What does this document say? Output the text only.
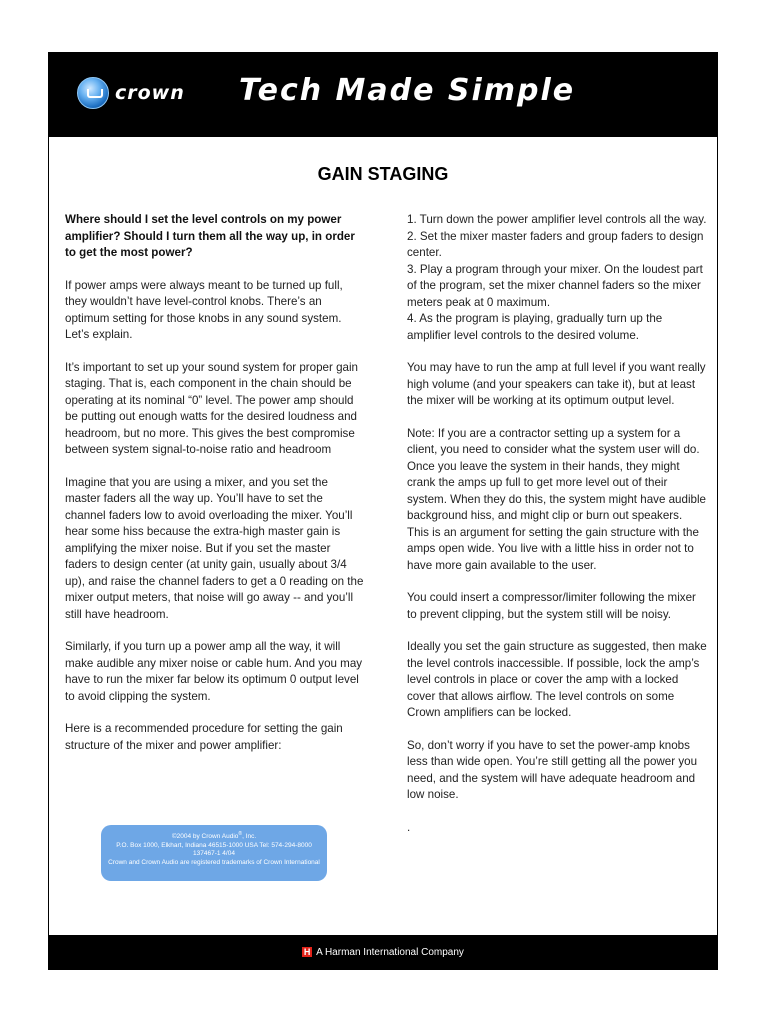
crown Tech Made Simple
GAIN STAGING

Where should I set the level controls on my power amplifier? Should I turn them all the way up, in order to get the most power?

If power amps were always meant to be turned up full, they wouldn’t have level-control knobs. There’s an optimum setting for those knobs in any sound system. Let’s explain.

It’s important to set up your sound system for proper gain staging. That is, each component in the chain should be operating at its nominal “0” level. The power amp should be putting out enough watts for the desired loudness and headroom, but no more. This gives the best compromise between system signal-to-noise ratio and headroom

Imagine that you are using a mixer, and you set the master faders all the way up. You’ll have to set the channel faders low to avoid overloading the mixer. You’ll hear some hiss because the extra-high master gain is amplifying the mixer noise. But if you set the master faders to design center (at unity gain, usually about 3/4 up), and raise the channel faders to get a 0 reading on the mixer output meters, that noise will go away -- and you’ll still have headroom.

Similarly, if you turn up a power amp all the way, it will make audible any mixer noise or cable hum. And you may have to run the mixer far below its optimum 0 output level to avoid clipping the system.

Here is a recommended procedure for setting the gain structure of the mixer and power amplifier:

1. Turn down the power amplifier level controls all the way.
2. Set the mixer master faders and group faders to design center.
3. Play a program through your mixer. On the loudest part of the program, set the mixer channel faders so the mixer meters peak at 0 maximum.
4. As the program is playing, gradually turn up the amplifier level controls to the desired volume.

You may have to run the amp at full level if you want really high volume (and your speakers can take it), but at least the mixer will be working at its optimum output level.

Note: If you are a contractor setting up a system for a client, you need to consider what the system user will do. Once you leave the system in their hands, they might crank the amps up full to get more level out of their system. When they do this, the system might have audible background hiss, and might clip or burn out speakers. This is an argument for setting the gain structure with the amps open wide. You live with a little hiss in order not to have more gain available to the user.

You could insert a compressor/limiter following the mixer to prevent clipping, but the system still will be noisy.

Ideally you set the gain structure as suggested, then make the level controls inaccessible. If possible, lock the amp’s level controls in place or cover the amp with a locked cover that allows airflow. The level controls on some Crown amplifiers can be locked.

So, don’t worry if you have to set the power-amp knobs less than wide open. You’re still getting all the power you need, and the system will have adequate headroom and low noise.

.

©2004 by Crown Audio®, Inc.
P.O. Box 1000, Elkhart, Indiana 46515-1000 USA Tel: 574-294-8000
137467-1 4/04
Crown and Crown Audio are registered trademarks of Crown International
H A Harman International Company
